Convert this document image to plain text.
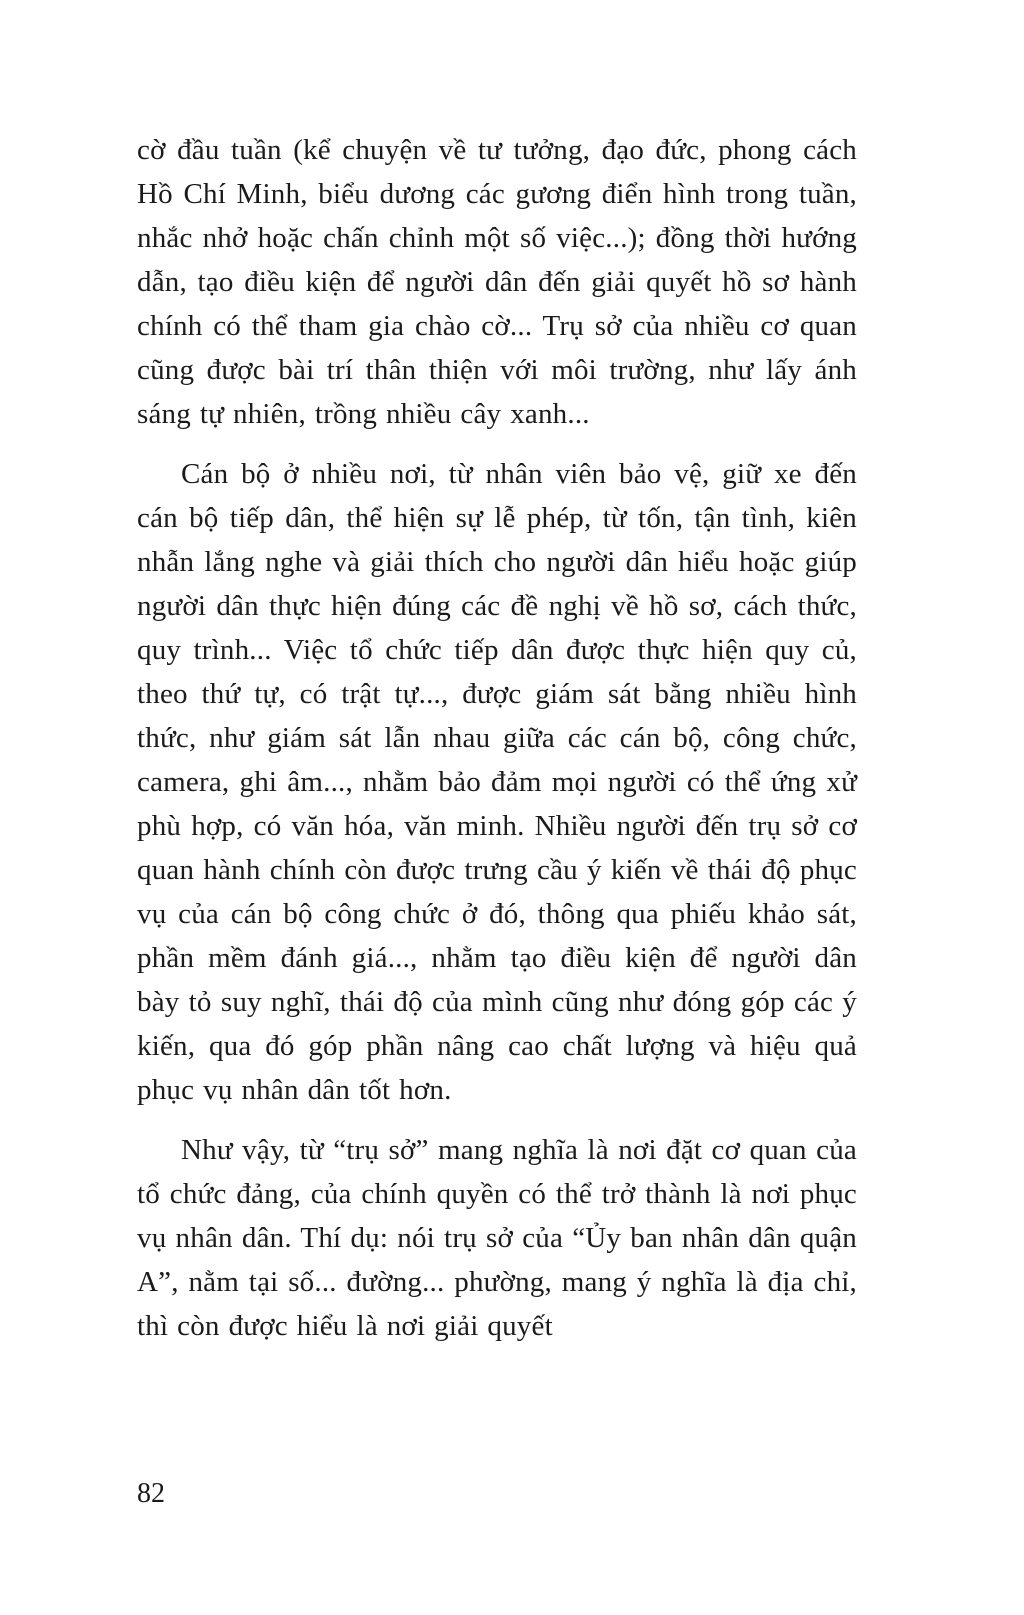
cờ đầu tuần (kể chuyện về tư tưởng, đạo đức, phong cách Hồ Chí Minh, biểu dương các gương điển hình trong tuần, nhắc nhở hoặc chấn chỉnh một số việc...); đồng thời hướng dẫn, tạo điều kiện để người dân đến giải quyết hồ sơ hành chính có thể tham gia chào cờ... Trụ sở của nhiều cơ quan cũng được bài trí thân thiện với môi trường, như lấy ánh sáng tự nhiên, trồng nhiều cây xanh...

Cán bộ ở nhiều nơi, từ nhân viên bảo vệ, giữ xe đến cán bộ tiếp dân, thể hiện sự lễ phép, từ tốn, tận tình, kiên nhẫn lắng nghe và giải thích cho người dân hiểu hoặc giúp người dân thực hiện đúng các đề nghị về hồ sơ, cách thức, quy trình... Việc tổ chức tiếp dân được thực hiện quy củ, theo thứ tự, có trật tự..., được giám sát bằng nhiều hình thức, như giám sát lẫn nhau giữa các cán bộ, công chức, camera, ghi âm..., nhằm bảo đảm mọi người có thể ứng xử phù hợp, có văn hóa, văn minh. Nhiều người đến trụ sở cơ quan hành chính còn được trưng cầu ý kiến về thái độ phục vụ của cán bộ công chức ở đó, thông qua phiếu khảo sát, phần mềm đánh giá..., nhằm tạo điều kiện để người dân bày tỏ suy nghĩ, thái độ của mình cũng như đóng góp các ý kiến, qua đó góp phần nâng cao chất lượng và hiệu quả phục vụ nhân dân tốt hơn.

Như vậy, từ “trụ sở” mang nghĩa là nơi đặt cơ quan của tổ chức đảng, của chính quyền có thể trở thành là nơi phục vụ nhân dân. Thí dụ: nói trụ sở của “Ủy ban nhân dân quận A”, nằm tại số... đường... phường, mang ý nghĩa là địa chỉ, thì còn được hiểu là nơi giải quyết

82
